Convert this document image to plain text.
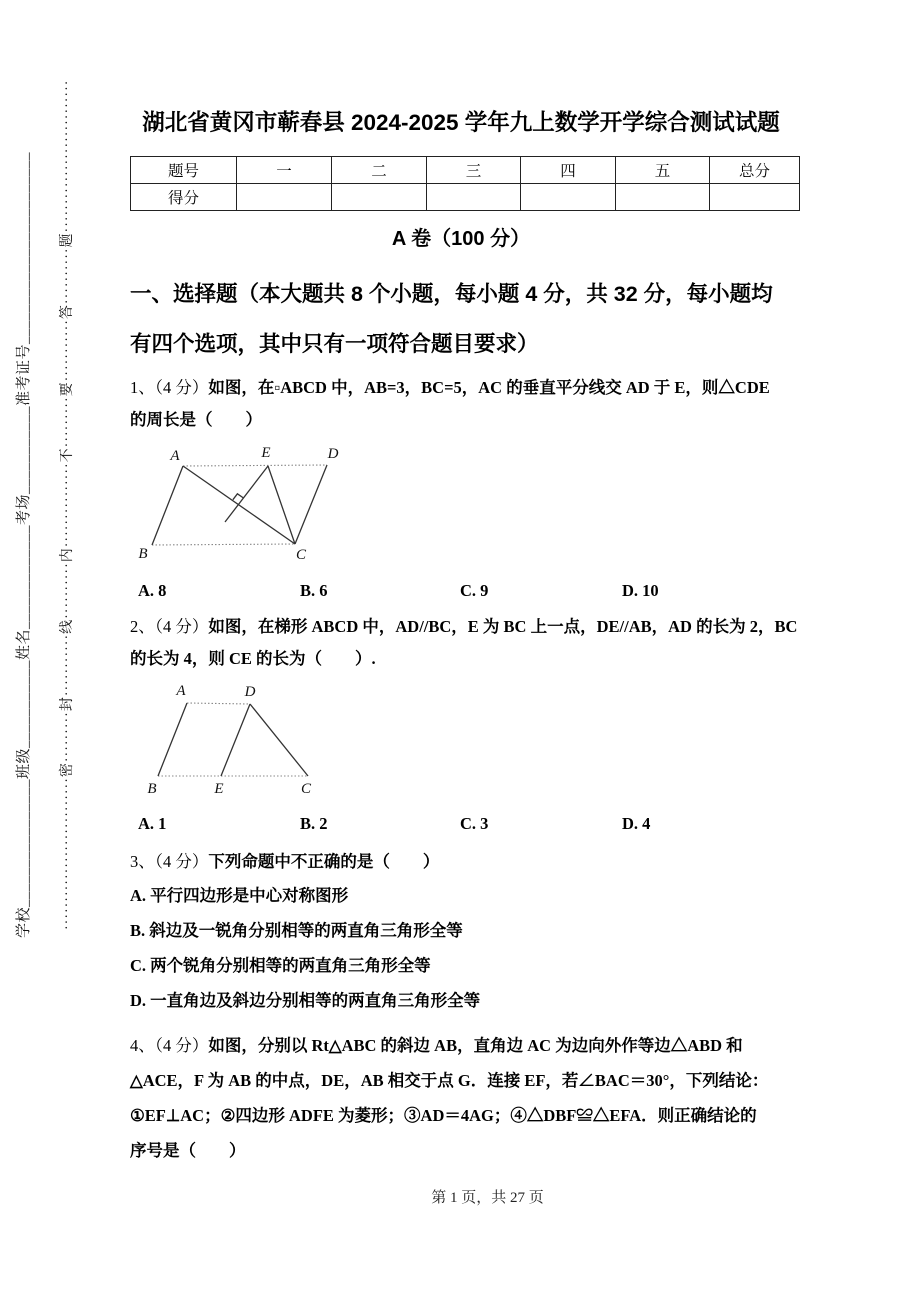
学校________________班级___________姓名_____________考场___________准考证号________________________ ···························密·········封···········线··········内···············不·········要···········答··········题···························	湖北省黄冈市蕲春县 2024-2025 学年九上数学开学综合测试试题
题号	一	二	三	四	五	总分
得分						
A 卷（100 分）
一、选择题（本大题共 8 个小题，每小题 4 分，共 32 分，每小题均
有四个选项，其中只有一项符合题目要求）
1、（4 分）如图，在▫ABCD 中，AB=3，BC=5，AC 的垂直平分线交 AD 于 E，则△CDE
的周长是（　　）
A	E	D
B	C
A. 8	B. 6	C. 9	D. 10
2、（4 分）如图，在梯形 ABCD 中，AD//BC，E 为 BC 上一点，DE//AB，AD 的长为 2，BC
的长为 4，则 CE 的长为（　　）.
A	D
B	E	C
A. 1	B. 2	C. 3	D. 4
3、（4 分）下列命题中不正确的是（　　）
A. 平行四边形是中心对称图形
B. 斜边及一锐角分别相等的两直角三角形全等
C. 两个锐角分别相等的两直角三角形全等
D. 一直角边及斜边分别相等的两直角三角形全等
4、（4 分）如图，分别以 Rt△ABC 的斜边 AB，直角边 AC 为边向外作等边△ABD 和
△ACE，F 为 AB 的中点，DE，AB 相交于点 G．连接 EF，若∠BAC＝30°，下列结论：
①EF⊥AC；②四边形 ADFE 为菱形；③AD＝4AG；④△DBF≌△EFA．则正确结论的
序号是（　　）
第 1 页，共 27 页
